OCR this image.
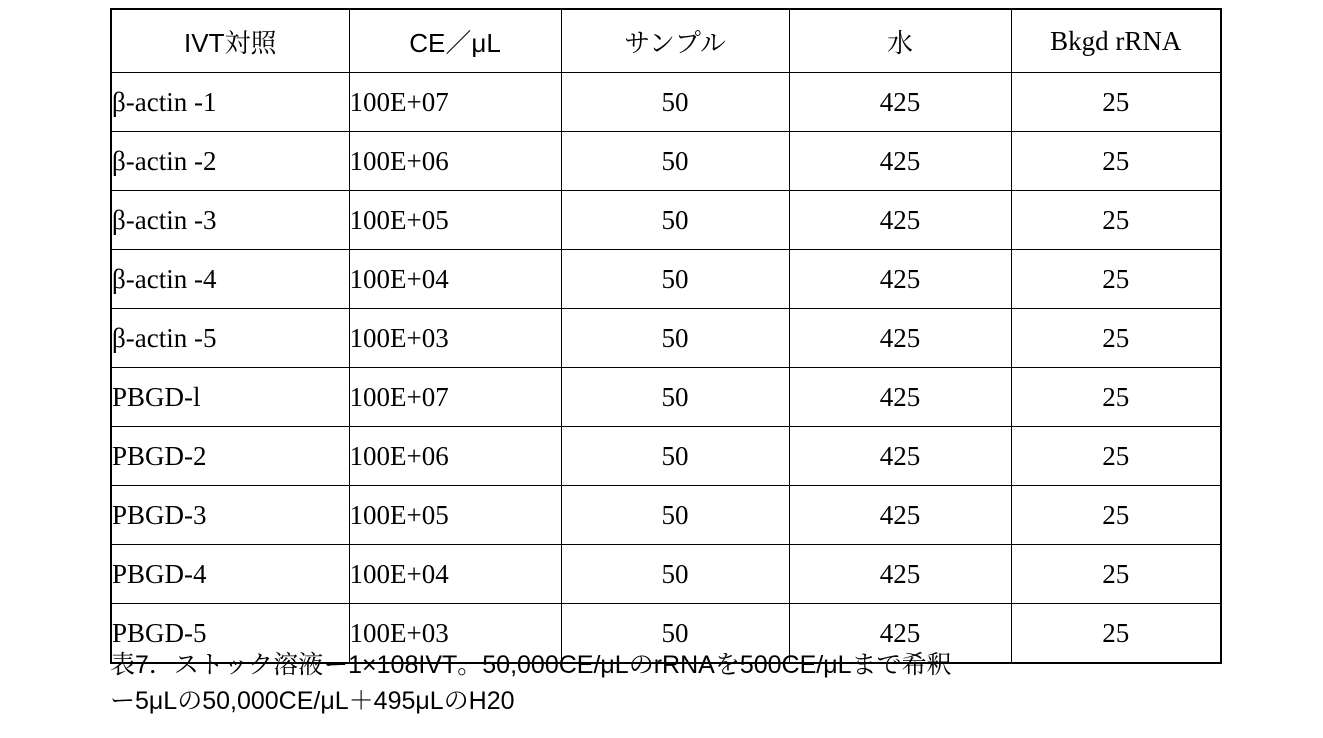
IVT対照	CE／μL	サンプル	水	Bkgd rRNA
β-actin -1	100E+07	50	425	25
β-actin -2	100E+06	50	425	25
β-actin -3	100E+05	50	425	25
β-actin -4	100E+04	50	425	25
β-actin -5	100E+03	50	425	25
PBGD-l	100E+07	50	425	25
PBGD-2	100E+06	50	425	25
PBGD-3	100E+05	50	425	25
PBGD-4	100E+04	50	425	25
PBGD-5	100E+03	50	425	25
表7．ストック溶液ー1×108IVT。50,000CE/μLのrRNAを500CE/μLまで希釈
ー5μLの50,000CE/μL＋495μLのH20
